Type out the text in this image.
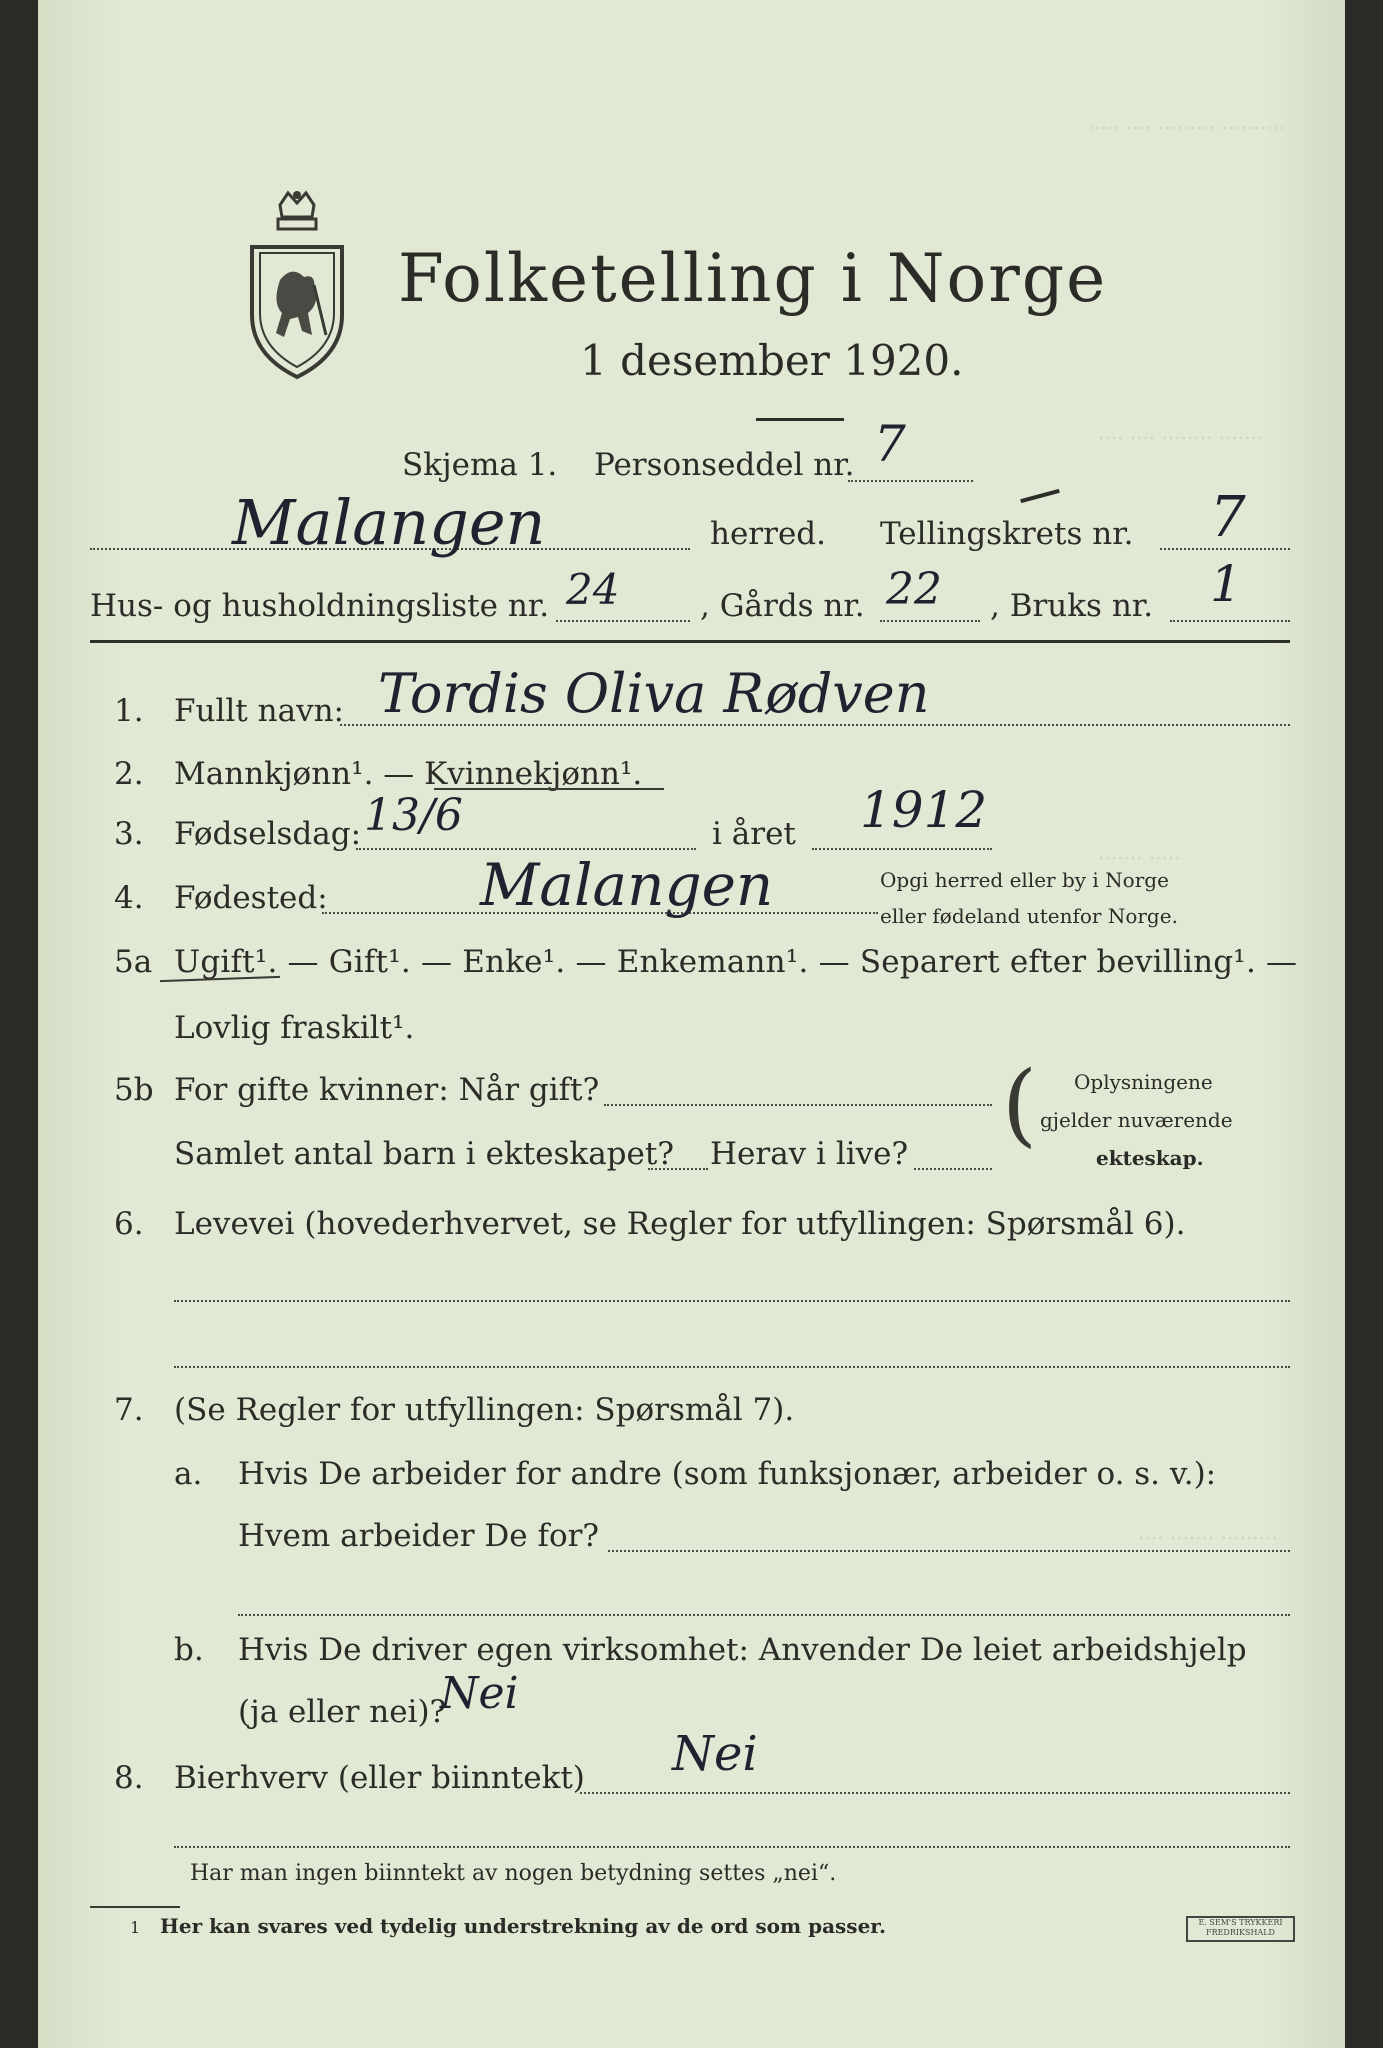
..... .... ......... ..........
.... .... ........ .......
....... .....
.... ....... .........
Folketelling i Norge
1 desember 1920.
Skjema 1. Personseddel nr. 7
Malangen	herred. Tellingskrets nr. 7
Hus- og husholdningsliste nr. 24	, Gårds nr. 22 , Bruks nr. 1
1. Fullt navn: Tordis Oliva Rødven
2. Mannkjønn¹. — Kvinnekjønn¹.
3. Fødselsdag: 13/6	i året 1912
4. Fødested:	Malangen	Opgi herred eller by i Norge
eller fødeland utenfor Norge.
5a Ugift¹. — Gift¹. — Enke¹. — Enkemann¹. — Separert efter bevilling¹. —
Lovlig fraskilt¹.
5b For gifte kvinner: Når gift?
Samlet antal barn i ekteskapet? Herav i live? ( Oplysningene
gjelder nuværende
ekteskap.
6. Levevei (hovederhvervet, se Regler for utfyllingen: Spørsmål 6).
7. (Se Regler for utfyllingen: Spørsmål 7).
a. Hvis De arbeider for andre (som funksjonær, arbeider o. s. v.):
Hvem arbeider De for?
b. Hvis De driver egen virksomhet: Anvender De leiet arbeidshjelp
(ja eller nei)?
Nei
8. Bierhverv (eller biinntekt) Nei
Har man ingen biinntekt av nogen betydning settes „nei“.
1 Her kan svares ved tydelig understrekning av de ord som passer.	E. SEM'S TRYKKERI FREDRIKSHALD
